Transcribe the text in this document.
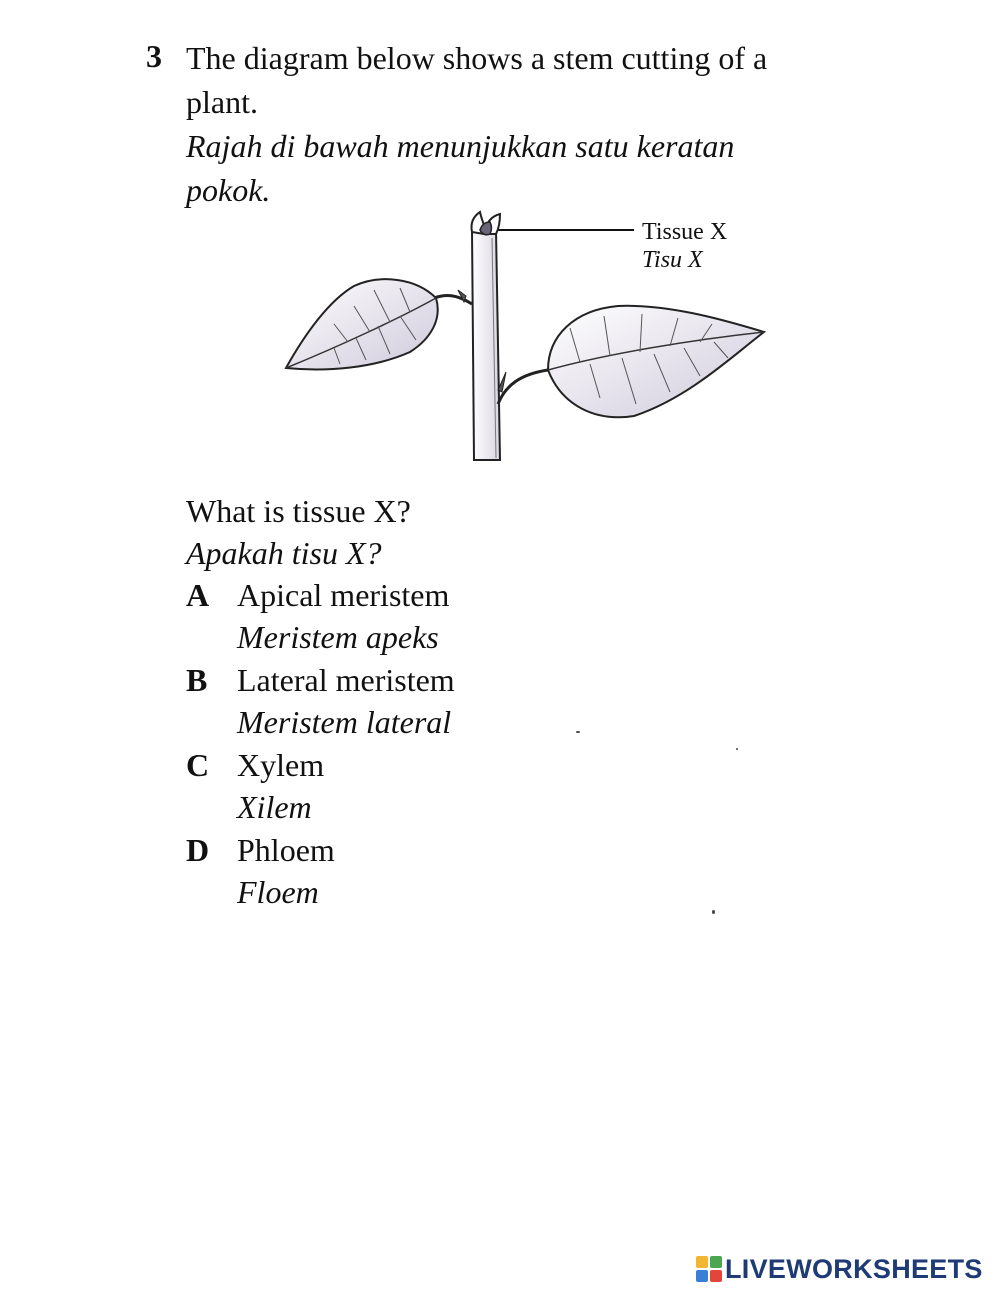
3 The diagram below shows a stem cutting of a
plant.
Rajah di bawah menunjukkan satu keratan
pokok.
Tissue X
Tisu X
What is tissue X?
Apakah tisu X?
A Apical meristem
Meristem apeks
B Lateral meristem
Meristem lateral
C Xylem
Xilem
D Phloem
Floem
LIVEWORKSHEETS
